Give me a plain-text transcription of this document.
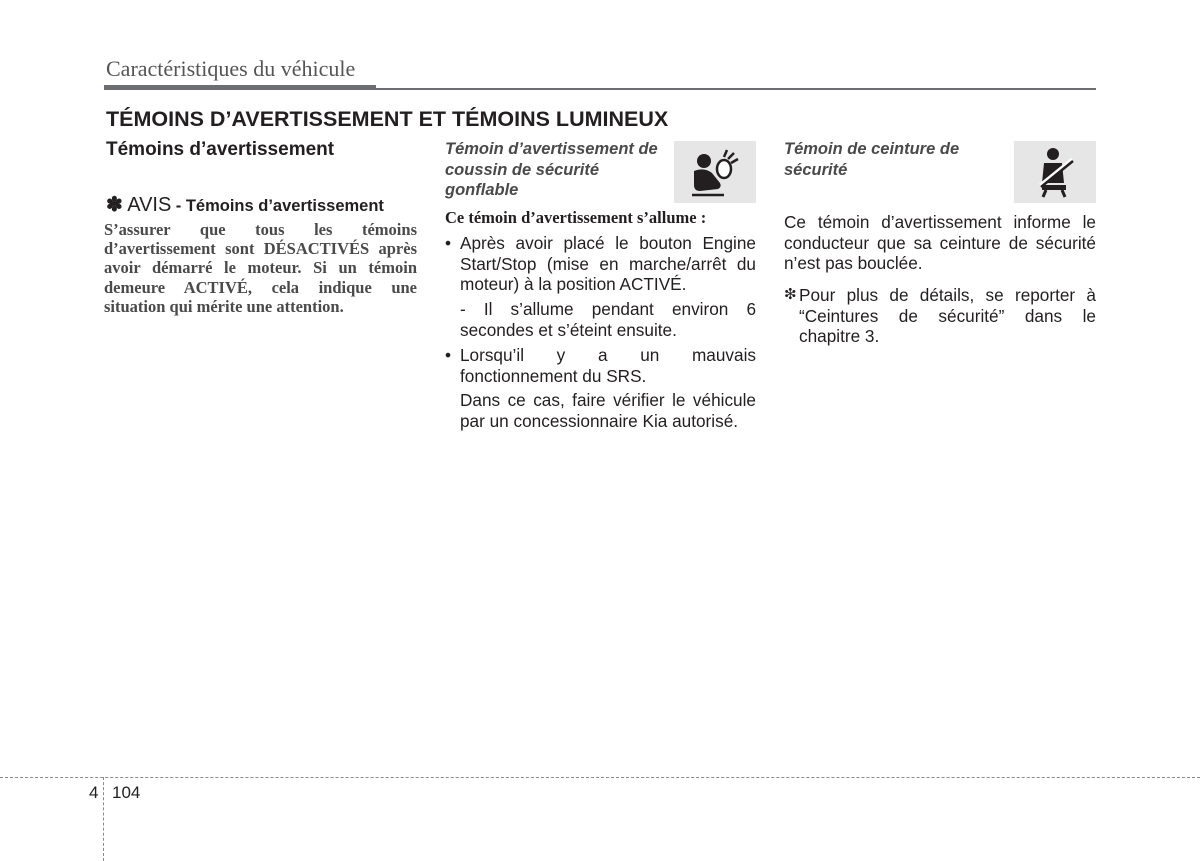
Caractéristiques du véhicule
TÉMOINS D’AVERTISSEMENT ET TÉMOINS LUMINEUX
Témoins d’avertissement
✽ AVIS - Témoins d’avertissement
S’assurer que tous les témoins d’avertissement sont DÉSACTIVÉS après avoir démarré le moteur. Si un témoin demeure ACTIVÉ, cela indique une situation qui mérite une attention.
Témoin d’avertissement de coussin de sécurité gonflable
Ce témoin d’avertissement s’allume :
• Après avoir placé le bouton Engine Start/Stop (mise en marche/arrêt du moteur) à la position ACTIVÉ.
- Il s’allume pendant environ 6 secondes et s’éteint ensuite.
• Lorsqu’il y a un mauvais fonctionnement du SRS.
Dans ce cas, faire vérifier le véhicule par un concessionnaire Kia autorisé.
Témoin de ceinture de sécurité
Ce témoin d’avertissement informe le conducteur que sa ceinture de sécurité n’est pas bouclée.
❇ Pour plus de détails, se reporter à “Ceintures de sécurité” dans le chapitre 3.
4 104
